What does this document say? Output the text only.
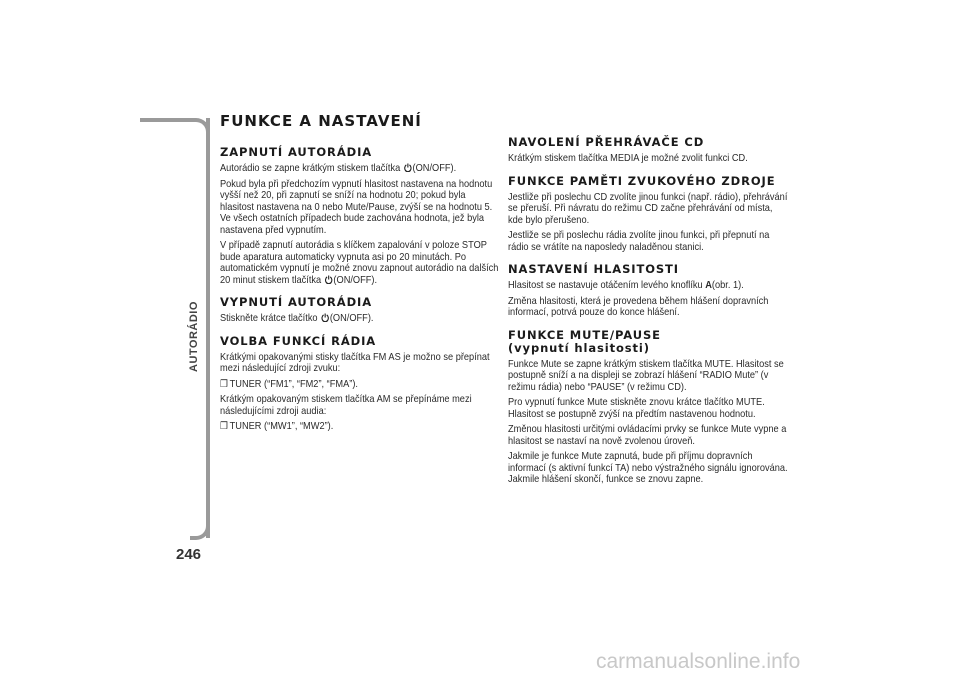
AUTORÁDIO
246
FUNKCE A NASTAVENÍ
ZAPNUTÍ AUTORÁDIA

Autorádio se zapne krátkým stiskem tlačítka (ON/OFF).

Pokud byla při předchozím vypnutí hlasitost nastavena na hodnotu vyšší než 20, při zapnutí se sníží na hodnotu 20; pokud byla hlasitost nastavena na 0 nebo Mute/Pause, zvýší se na hodnotu 5. Ve všech ostatních případech bude zachována hodnota, jež byla nastavena před vypnutím.

V případě zapnutí autorádia s klíčkem zapalování v poloze STOP bude aparatura automaticky vypnuta asi po 20 minutách. Po automatickém vypnutí je možné znovu zapnout autorádio na dalších 20 minut stiskem tlačítka (ON/OFF).

VYPNUTÍ AUTORÁDIA

Stiskněte krátce tlačítko (ON/OFF).

VOLBA FUNKCÍ RÁDIA

Krátkými opakovanými stisky tlačítka FM AS je možno se přepínat mezi následující zdroji zvuku:

❒ TUNER (“FM1”, “FM2”, “FMA”).

Krátkým opakovaným stiskem tlačítka AM se přepínáme mezi následujícími zdroji audia:

❒ TUNER (“MW1”, “MW2”).

NAVOLENÍ PŘEHRÁVAČE CD

Krátkým stiskem tlačítka MEDIA je možné zvolit funkci CD.

FUNKCE PAMĚTI ZVUKOVÉHO ZDROJE

Jestliže při poslechu CD zvolíte jinou funkci (např. rádio), přehrávání se přeruší. Při návratu do režimu CD začne přehrávání od místa, kde bylo přerušeno.

Jestliže se při poslechu rádia zvolíte jinou funkci, při přepnutí na rádio se vrátíte na naposledy naladěnou stanici.

NASTAVENÍ HLASITOSTI

Hlasitost se nastavuje otáčením levého knoflíku A(obr. 1).

Změna hlasitosti, která je provedena během hlášení dopravních informací, potrvá pouze do konce hlášení.

FUNKCE MUTE/PAUSE
(vypnutí hlasitosti)

Funkce Mute se zapne krátkým stiskem tlačítka MUTE. Hlasitost se postupně sníží a na displeji se zobrazí hlášení “RADIO Mute” (v režimu rádia) nebo “PAUSE” (v režimu CD).

Pro vypnutí funkce Mute stiskněte znovu krátce tlačítko MUTE. Hlasitost se postupně zvýší na předtím nastavenou hodnotu.

Změnou hlasitosti určitými ovládacími prvky se funkce Mute vypne a hlasitost se nastaví na nově zvolenou úroveň.

Jakmile je funkce Mute zapnutá, bude při příjmu dopravních informací (s aktivní funkcí TA) nebo výstražného signálu ignorována. Jakmile hlášení skončí, funkce se znovu zapne.

carmanualsonline.info
